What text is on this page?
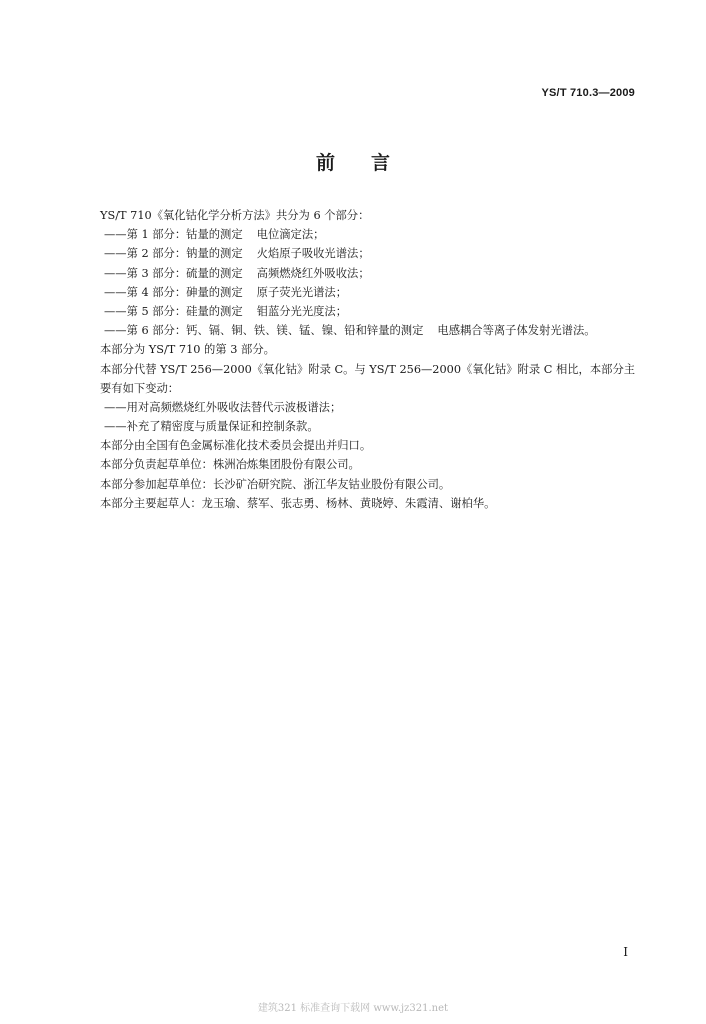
YS/T 710.3—2009
前言
YS/T 710《氧化钴化学分析方法》共分为 6 个部分：
——第 1 部分：钴量的测定 电位滴定法；
——第 2 部分：钠量的测定 火焰原子吸收光谱法；
——第 3 部分：硫量的测定 高频燃烧红外吸收法；
——第 4 部分：砷量的测定 原子荧光光谱法；
——第 5 部分：硅量的测定 钼蓝分光光度法；
——第 6 部分：钙、镉、铜、铁、镁、锰、镍、铅和锌量的测定 电感耦合等离子体发射光谱法。
本部分为 YS/T 710 的第 3 部分。
本部分代替 YS/T 256—2000《氧化钴》附录 C。与 YS/T 256—2000《氧化钴》附录 C 相比，本部分主要有如下变动：
——用对高频燃烧红外吸收法替代示波极谱法；
——补充了精密度与质量保证和控制条款。
本部分由全国有色金属标准化技术委员会提出并归口。
本部分负责起草单位：株洲冶炼集团股份有限公司。
本部分参加起草单位：长沙矿冶研究院、浙江华友钴业股份有限公司。
本部分主要起草人：龙玉瑜、蔡军、张志勇、杨林、黄晓婷、朱霞清、谢柏华。
I
建筑321 标准查询下载网 www.jz321.net
